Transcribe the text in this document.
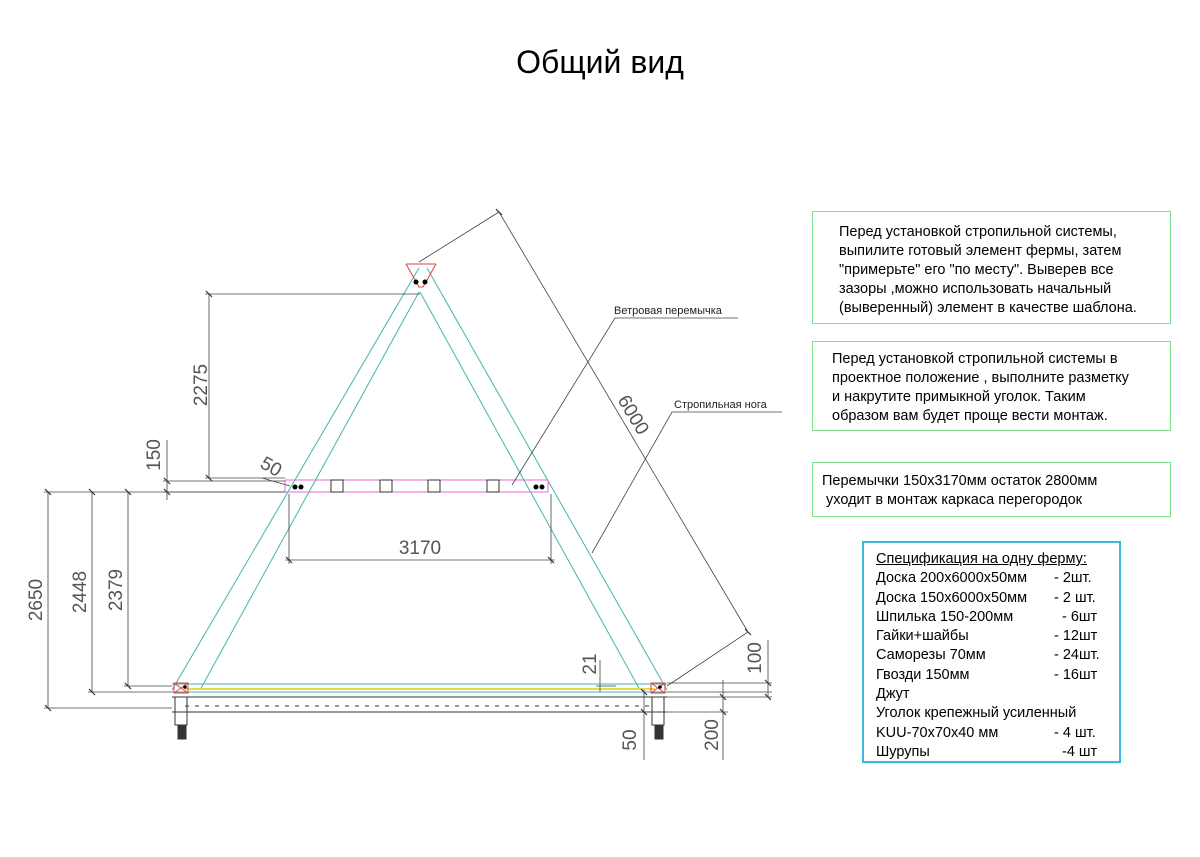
Общий вид
2275
150	50
6000
3170
2650 2448 2379
21	100
50	200
Ветровая перемычка
Стропильная нога
Перед установкой стропильной системы,
выпилите готовый элемент фермы, затем
"примерьте" его "по месту". Выверев все
зазоры ,можно использовать начальный
(выверенный) элемент в качестве шаблона.
Перед установкой стропильной системы в
проектное положение , выполните разметку
и накрутите примыкной уголок. Таким
образом вам будет проще вести монтаж.
Перемычки 150х3170мм остаток 2800мм
уходит в монтаж каркаса перегородок
Спецификация на одну ферму:
Доска 200х6000х50мм - 2шт.
Доска 150х6000х50мм - 2 шт.
Шпилька 150-200мм	- 6шт
Гайки+шайбы	- 12шт
Саморезы 70мм	- 24шт.
Гвозди 150мм	- 16шт
Джут
Уголок крепежный усиленный
KUU-70х70х40 мм	- 4 шт.
Шурупы	-4 шт
